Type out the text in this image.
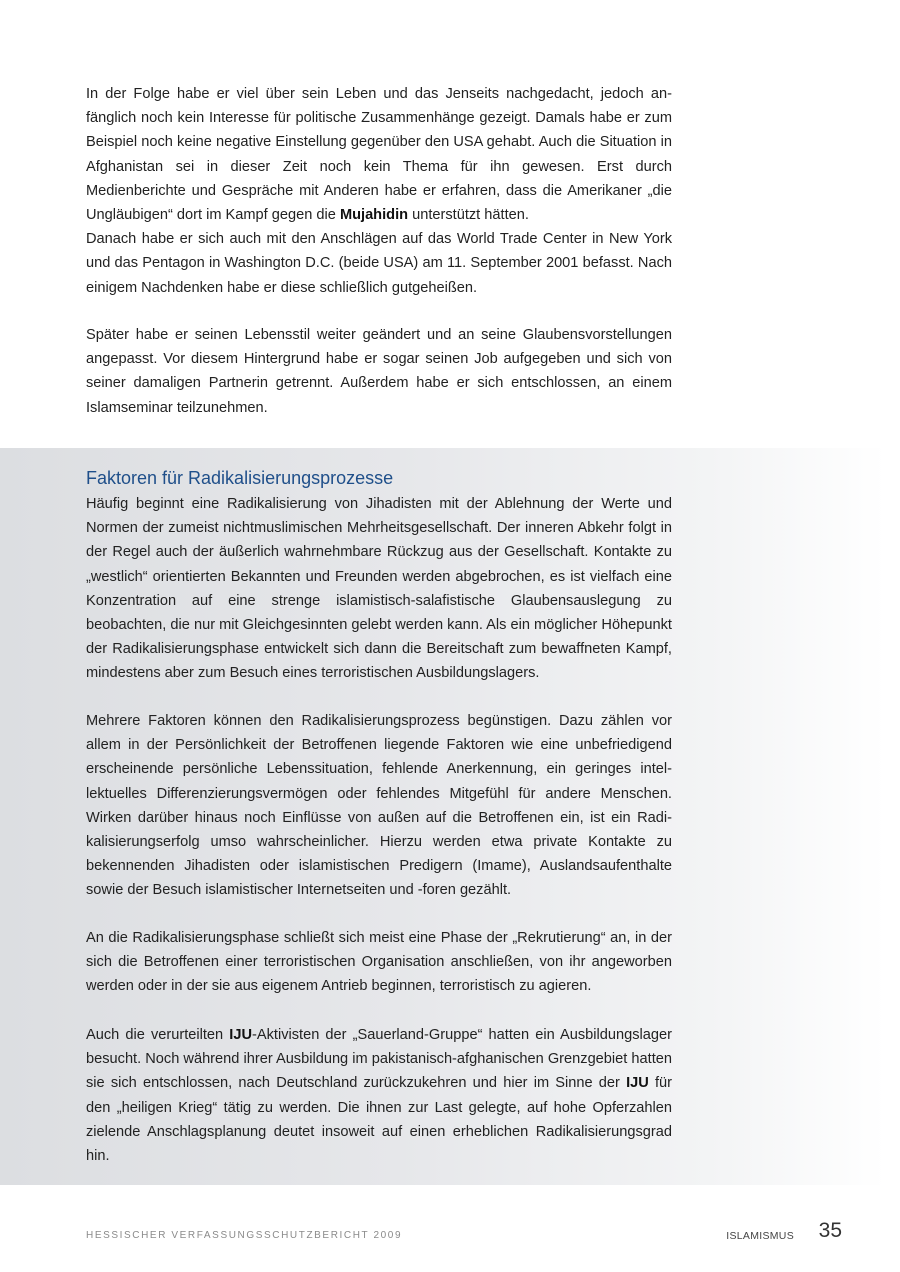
In der Folge habe er viel über sein Leben und das Jenseits nachgedacht, jedoch anfänglich noch kein Interesse für politische Zusammenhänge gezeigt. Damals habe er zum Beispiel noch keine negative Einstellung gegenüber den USA gehabt. Auch die Situation in Afghanistan sei in dieser Zeit noch kein Thema für ihn gewesen. Erst durch Medienberichte und Gespräche mit Anderen habe er erfahren, dass die Amerikaner „die Ungläubigen“ dort im Kampf gegen die Mujahidin unterstützt hätten.
Danach habe er sich auch mit den Anschlägen auf das World Trade Center in New York und das Pentagon in Washington D.C. (beide USA) am 11. September 2001 befasst. Nach einigem Nachdenken habe er diese schließlich gutgeheißen.

Später habe er seinen Lebensstil weiter geändert und an seine Glaubensvorstellungen angepasst. Vor diesem Hintergrund habe er sogar seinen Job aufgegeben und sich von seiner damaligen Partnerin getrennt. Außerdem habe er sich entschlossen, an einem Islamseminar teilzunehmen.

Faktoren für Radikalisierungsprozesse

Häufig beginnt eine Radikalisierung von Jihadisten mit der Ablehnung der Werte und Normen der zumeist nichtmuslimischen Mehrheitsgesellschaft. Der inneren Abkehr folgt in der Regel auch der äußerlich wahrnehmbare Rückzug aus der Gesellschaft. Kontakte zu „westlich“ orientierten Bekannten und Freunden werden abgebrochen, es ist vielfach eine Konzentration auf eine strenge islamistisch-salafistische Glaubensauslegung zu beobachten, die nur mit Gleichgesinnten gelebt werden kann. Als ein möglicher Höhepunkt der Radikalisierungsphase entwickelt sich dann die Bereitschaft zum bewaffneten Kampf, mindestens aber zum Besuch eines terroristischen Ausbildungslagers.

Mehrere Faktoren können den Radikalisierungsprozess begünstigen. Dazu zählen vor allem in der Persönlichkeit der Betroffenen liegende Faktoren wie eine unbefriedigend erscheinende persönliche Lebenssituation, fehlende Anerkennung, ein geringes intellektuelles Differenzierungsvermögen oder fehlendes Mitgefühl für andere Menschen. Wirken darüber hinaus noch Einflüsse von außen auf die Betroffenen ein, ist ein Radikalisierungserfolg umso wahrscheinlicher. Hierzu werden etwa private Kontakte zu bekennenden Jihadisten oder islamistischen Predigern (Imame), Auslandsaufenthalte sowie der Besuch islamistischer Internetseiten und -foren gezählt.

An die Radikalisierungsphase schließt sich meist eine Phase der „Rekrutierung“ an, in der sich die Betroffenen einer terroristischen Organisation anschließen, von ihr angeworben werden oder in der sie aus eigenem Antrieb beginnen, terroristisch zu agieren.

Auch die verurteilten IJU-Aktivisten der „Sauerland-Gruppe“ hatten ein Ausbildungslager besucht. Noch während ihrer Ausbildung im pakistanisch-afghanischen Grenzgebiet hatten sie sich entschlossen, nach Deutschland zurückzukehren und hier im Sinne der IJU für den „heiligen Krieg“ tätig zu werden. Die ihnen zur Last gelegte, auf hohe Opferzahlen zielende Anschlagsplanung deutet insoweit auf einen erheblichen Radikalisierungsgrad hin.

HESSISCHER VERFASSUNGSSCHUTZBERICHT 2009	ISLAMISMUS 35
